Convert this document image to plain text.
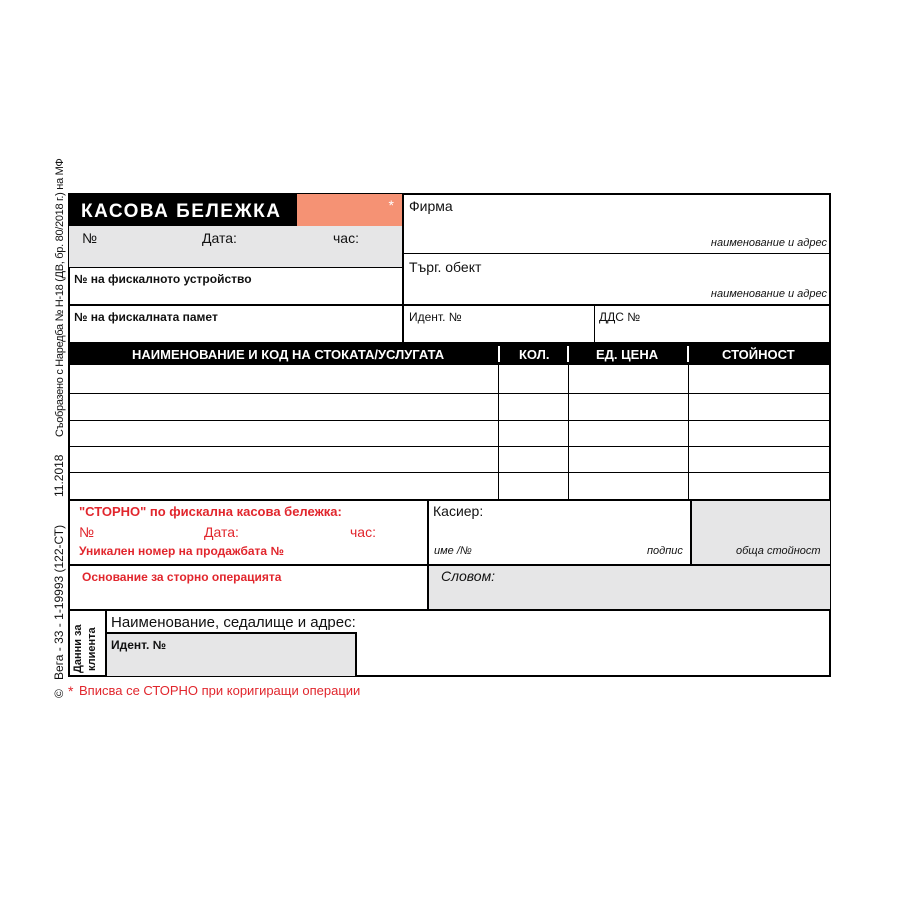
КАСОВА БЕЛЕЖКА	*
№	Дата:	час:
№ на фискалното устройство
№ на фискалната памет
Фирма
наименование и адрес
Търг. обект
наименование и адрес
Идент. №	ДДС №
НАИМЕНОВАНИЕ И КОД НА СТОКАТА/УСЛУГАТА	КОЛ.	ЕД. ЦЕНА	СТОЙНОСТ
"СТОРНО" по фискална касова бележка:
№	Дата:	час:
Уникален номер на продажбата №
Основание за сторно операцията
Касиер:
име /№	подпис	обща стойност
Словом:
Данни за клиента
Наименование, седалище и адрес:
Идент. №
Съобразено с Наредба № Н-18 (ДВ, бр. 80/2018 г.) на МФ
11.2018
Вега - 33 - 1-19993 (122-СТ)
© * Вписва се СТОРНО при коригиращи операции
